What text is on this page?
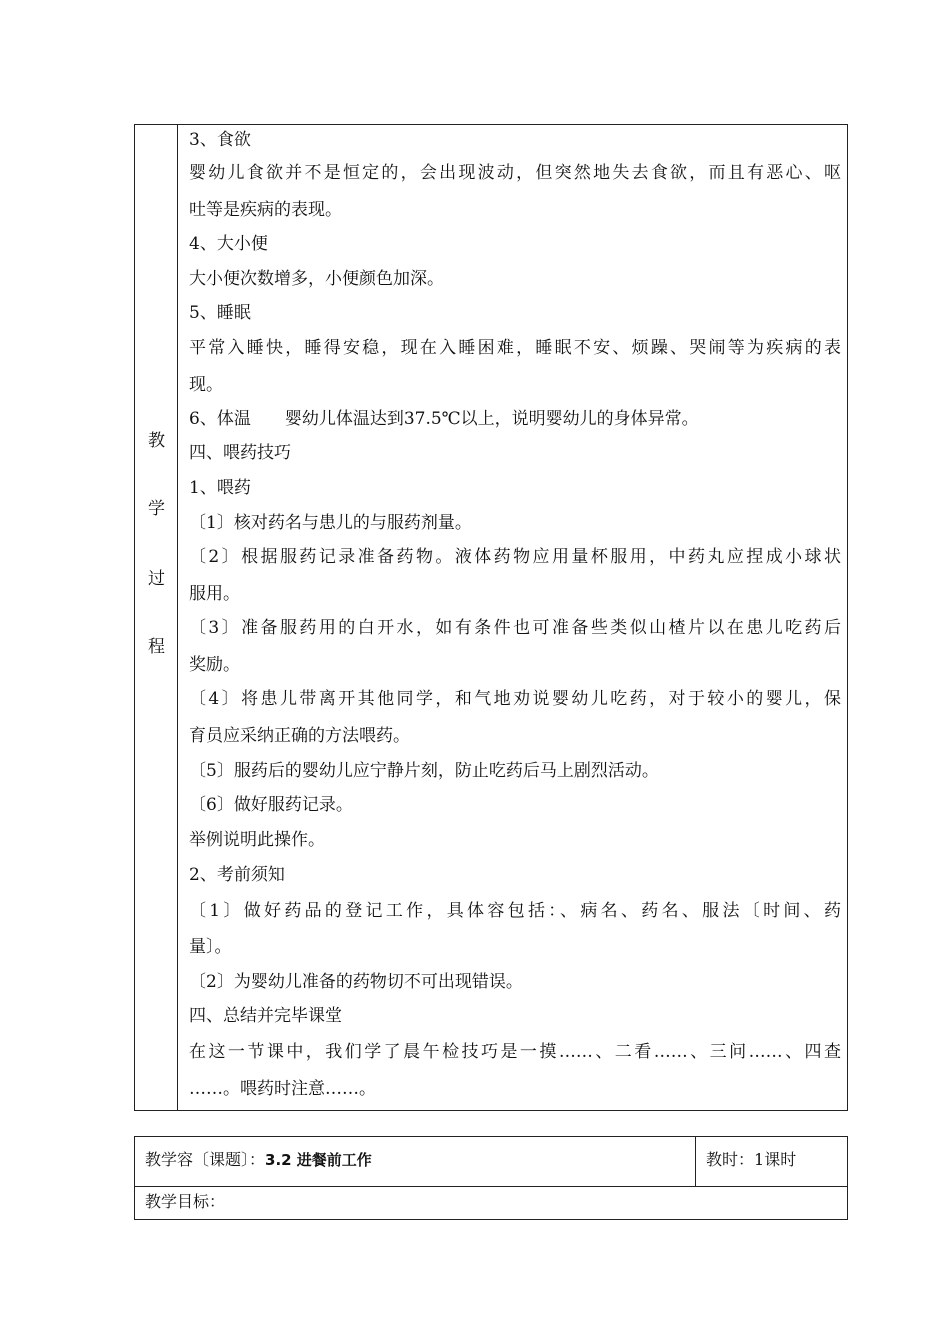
教
学
过
程
3、食欲
婴幼儿食欲并不是恒定的，会出现波动，但突然地失去食欲，而且有恶心、呕
吐等是疾病的表现。
4、大小便
大小便次数增多，小便颜色加深。
5、睡眠
平常入睡快，睡得安稳，现在入睡困难，睡眠不安、烦躁、哭闹等为疾病的表
现。
6、体温　　婴幼儿体温达到37.5℃以上，说明婴幼儿的身体异常。
四、喂药技巧
1、喂药
〔1〕核对药名与患儿的与服药剂量。
〔2〕根据服药记录准备药物。液体药物应用量杯服用，中药丸应捏成小球状
服用。
〔3〕准备服药用的白开水，如有条件也可准备些类似山楂片以在患儿吃药后
奖励。
〔4〕将患儿带离开其他同学，和气地劝说婴幼儿吃药，对于较小的婴儿，保
育员应采纳正确的方法喂药。
〔5〕服药后的婴幼儿应宁静片刻，防止吃药后马上剧烈活动。
〔6〕做好服药记录。
举例说明此操作。
2、考前须知
〔1〕做好药品的登记工作，具体容包括：、病名、药名、服法〔时间、药
量〕。
〔2〕为婴幼儿准备的药物切不可出现错误。
四、总结并完毕课堂
在这一节课中，我们学了晨午检技巧是一摸……、二看……、三问……、四查
……。喂药时注意……。
教学容〔课题〕：3.2 进餐前工作	教时：1课时
教学目标：
